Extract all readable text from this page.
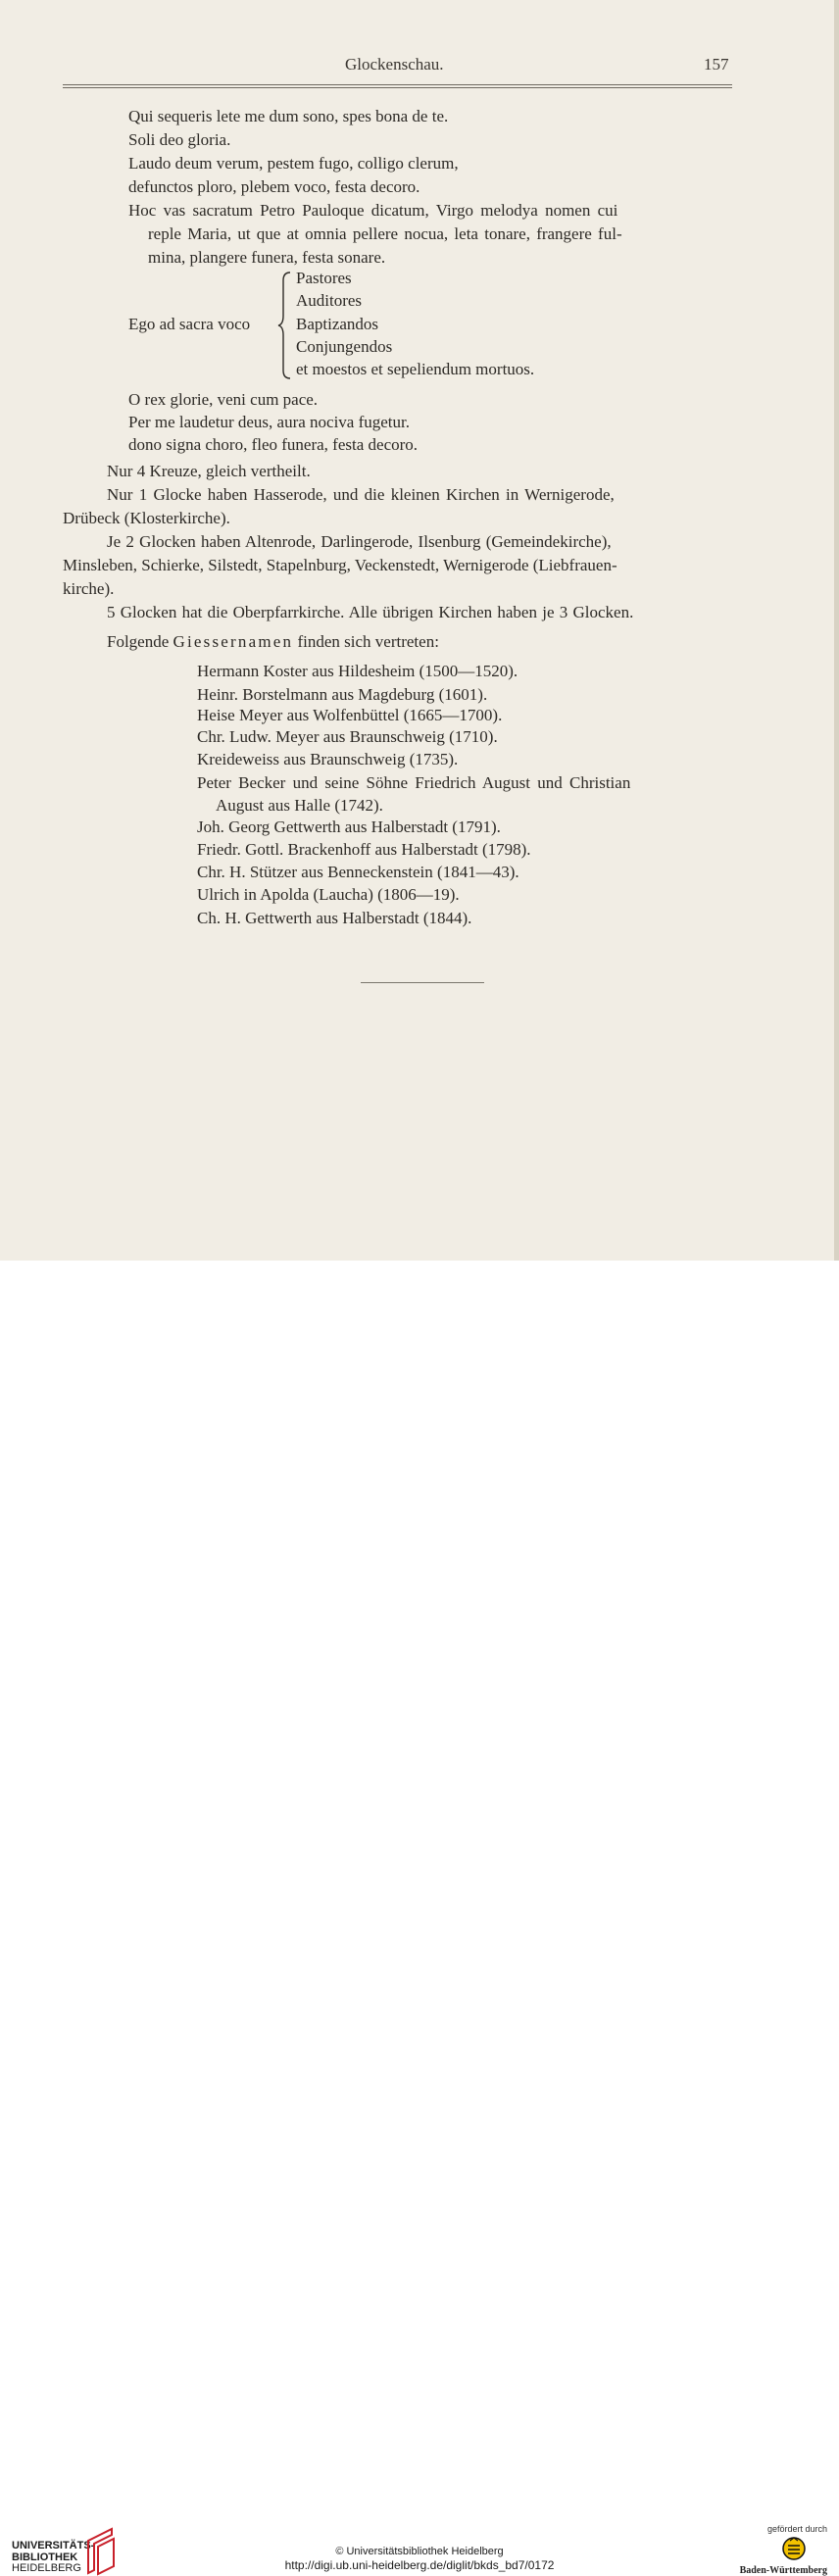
Glockenschau.	157
Qui sequeris lete me dum sono, spes bona de te.
Soli deo gloria.
Laudo deum verum, pestem fugo, colligo clerum,
defunctos ploro, plebem voco, festa decoro.
Hoc vas sacratum Petro Pauloque dicatum, Virgo melodya nomen cui
reple Maria, ut que at omnia pellere nocua, leta tonare, frangere ful-
mina, plangere funera, festa sonare.
Ego ad sacra voco
Pastores
Auditores
Baptizandos
Conjungendos
et moestos et sepeliendum mortuos.
O rex glorie, veni cum pace.
Per me laudetur deus, aura nociva fugetur.
dono signa choro, fleo funera, festa decoro.
Nur 4 Kreuze, gleich vertheilt.
Nur 1 Glocke haben Hasserode, und die kleinen Kirchen in Wernigerode,
Drübeck (Klosterkirche).
Je 2 Glocken haben Altenrode, Darlingerode, Ilsenburg (Gemeindekirche),
Minsleben, Schierke, Silstedt, Stapelnburg, Veckenstedt, Wernigerode (Liebfrauen-
kirche).
5 Glocken hat die Oberpfarrkirche. Alle übrigen Kirchen haben je 3 Glocken.
Folgende Giessernamen finden sich vertreten:
Hermann Koster aus Hildesheim (1500—1520).
Heinr. Borstelmann aus Magdeburg (1601).
Heise Meyer aus Wolfenbüttel (1665—1700).
Chr. Ludw. Meyer aus Braunschweig (1710).
Kreideweiss aus Braunschweig (1735).
Peter Becker und seine Söhne Friedrich August und Christian
August aus Halle (1742).
Joh. Georg Gettwerth aus Halberstadt (1791).
Friedr. Gottl. Brackenhoff aus Halberstadt (1798).
Chr. H. Stützer aus Benneckenstein (1841—43).
Ulrich in Apolda (Laucha) (1806—19).
Ch. H. Gettwerth aus Halberstadt (1844).
UNIVERSITÄTS-
BIBLIOTHEK
HEIDELBERG
© Universitätsbibliothek Heidelberg
http://digi.ub.uni-heidelberg.de/diglit/bkds_bd7/0172
gefördert durch
Baden-Württemberg
